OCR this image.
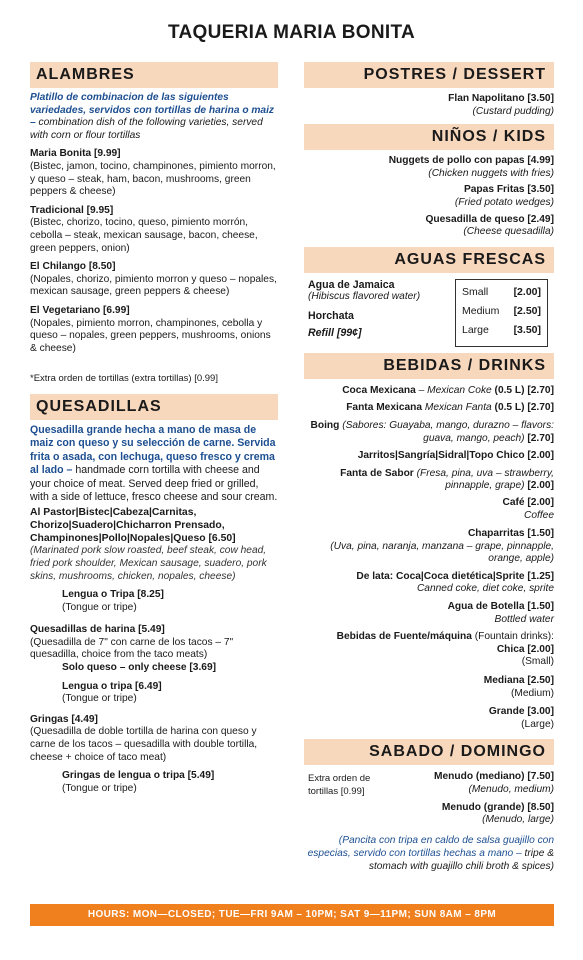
TAQUERIA MARIA BONITA
ALAMBRES
Platillo de combinacion de las siguientes variedades, servidos con tortillas de harina o maiz – combination dish of the following varieties, served with corn or flour tortillas
Maria Bonita [9.99]
(Bistec, jamon, tocino, champinones, pimiento morron, y queso – steak, ham, bacon, mushrooms, green peppers & cheese)
Tradicional [9.95]
(Bistec, chorizo, tocino, queso, pimiento morrón, cebolla – steak, mexican sausage, bacon, cheese, green peppers, onion)
El Chilango [8.50]
(Nopales, chorizo, pimiento morron y queso – nopales, mexican sausage, green peppers & cheese)
El Vegetariano [6.99]
(Nopales, pimiento morron, champinones, cebolla y queso – nopales, green peppers, mushrooms, onions & cheese)
*Extra orden de tortillas (extra tortillas) [0.99]
QUESADILLAS
Quesadilla grande hecha a mano de masa de maiz con queso y su selección de carne. Servida frita o asada, con lechuga, queso fresco y crema al lado – handmade corn tortilla with cheese and your choice of meat. Served deep fried or grilled, with a side of lettuce, fresco cheese and sour cream.
Al Pastor|Bistec|Cabeza|Carnitas, Chorizo|Suadero|Chicharron Prensado, Champinones|Pollo|Nopales|Queso [6.50]
(Marinated pork slow roasted, beef steak, cow head, fried pork shoulder, Mexican sausage, suadero, pork skins, mushrooms, chicken, nopales, cheese)
Lengua o Tripa [8.25]
(Tongue or tripe)
Quesadillas de harina [5.49]
(Quesadilla de 7" con carne de los tacos – 7" quesadilla, choice from the taco meats)
Solo queso – only cheese [3.69]
Lengua o tripa [6.49]
(Tongue or tripe)
Gringas [4.49]
(Quesadilla de doble tortilla de harina con queso y carne de los tacos – quesadilla with double tortilla, cheese + choice of taco meat)
Gringas de lengua o tripa [5.49]
(Tongue or tripe)
POSTRES / DESSERT
Flan Napolitano [3.50]
(Custard pudding)
NIÑOS / KIDS
Nuggets de pollo con papas [4.99]
(Chicken nuggets with fries)
Papas Fritas [3.50]
(Fried potato wedges)
Quesadilla de queso [2.49]
(Cheese quesadilla)
AGUAS FRESCAS
Agua de Jamaica
(Hibiscus flavored water)
Horchata
Refill [99¢]
Small [2.00]
Medium [2.50]
Large [3.50]
BEBIDAS / DRINKS
Coca Mexicana – Mexican Coke (0.5 L) [2.70]
Fanta Mexicana Mexican Fanta (0.5 L) [2.70]
Boing (Sabores: Guayaba, mango, durazno – flavors: guava, mango, peach) [2.70]
Jarritos|Sangría|Sidral|Topo Chico [2.00]
Fanta de Sabor (Fresa, pina, uva – strawberry, pinnapple, grape) [2.00]
Café [2.00]
Coffee
Chaparritas [1.50]
(Uva, pina, naranja, manzana – grape, pinnapple, orange, apple)
De lata: Coca|Coca dietética|Sprite [1.25]
Canned coke, diet coke, sprite
Agua de Botella [1.50]
Bottled water
Bebidas de Fuente/máquina (Fountain drinks):
Chica [2.00]
(Small)
Mediana [2.50]
(Medium)
Grande [3.00]
(Large)
SABADO / DOMINGO
Extra orden de tortillas [0.99]
Menudo (mediano) [7.50]
(Menudo, medium)
Menudo (grande) [8.50]
(Menudo, large)
(Pancita con tripa en caldo de salsa guajillo con especias, servido con tortillas hechas a mano – tripe & stomach with guajillo chili broth & spices)
HOURS: MON—CLOSED; TUE—FRI 9AM – 10PM; SAT 9—11PM; SUN 8AM – 8PM
